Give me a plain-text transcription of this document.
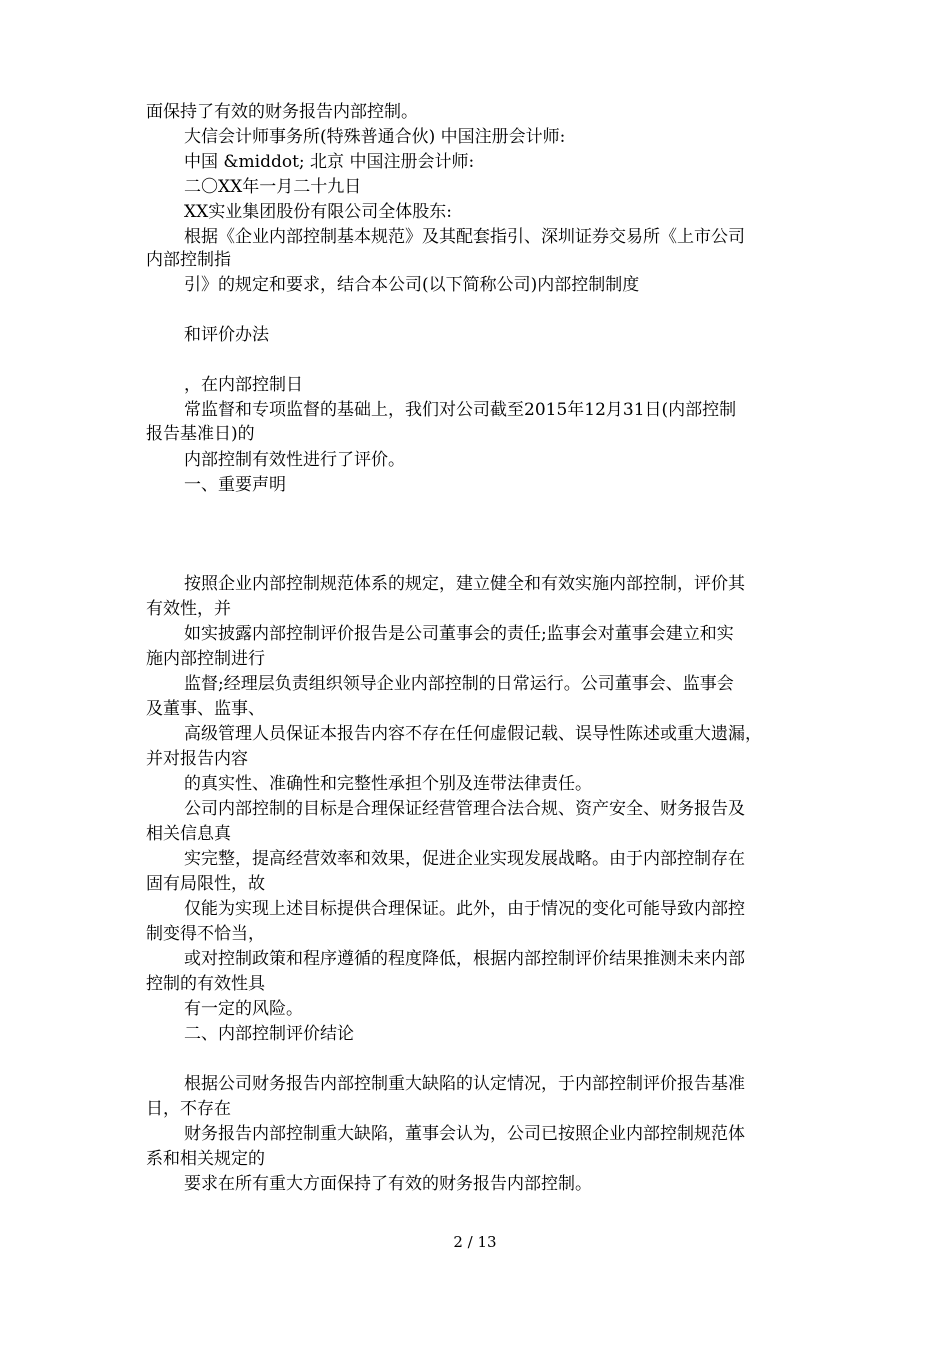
面保持了有效的财务报告内部控制。
大信会计师事务所(特殊普通合伙) 中国注册会计师:
中国 &middot; 北京 中国注册会计师:
二〇XX年一月二十九日
XX实业集团股份有限公司全体股东:
根据《企业内部控制基本规范》及其配套指引、深圳证券交易所《上市公司
内部控制指
引》的规定和要求，结合本公司(以下简称公司)内部控制制度
和评价办法
，在内部控制日
常监督和专项监督的基础上，我们对公司截至2015年12月31日(内部控制
报告基准日)的
内部控制有效性进行了评价。
一、重要声明
按照企业内部控制规范体系的规定，建立健全和有效实施内部控制，评价其
有效性，并
如实披露内部控制评价报告是公司董事会的责任;监事会对董事会建立和实
施内部控制进行
监督;经理层负责组织领导企业内部控制的日常运行。公司董事会、监事会
及董事、监事、
高级管理人员保证本报告内容不存在任何虚假记载、误导性陈述或重大遗漏，
并对报告内容
的真实性、准确性和完整性承担个别及连带法律责任。
公司内部控制的目标是合理保证经营管理合法合规、资产安全、财务报告及
相关信息真
实完整，提高经营效率和效果，促进企业实现发展战略。由于内部控制存在
固有局限性，故
仅能为实现上述目标提供合理保证。此外，由于情况的变化可能导致内部控
制变得不恰当，
或对控制政策和程序遵循的程度降低，根据内部控制评价结果推测未来内部
控制的有效性具
有一定的风险。
二、内部控制评价结论
根据公司财务报告内部控制重大缺陷的认定情况，于内部控制评价报告基准
日，不存在
财务报告内部控制重大缺陷，董事会认为，公司已按照企业内部控制规范体
系和相关规定的
要求在所有重大方面保持了有效的财务报告内部控制。
2 / 13
